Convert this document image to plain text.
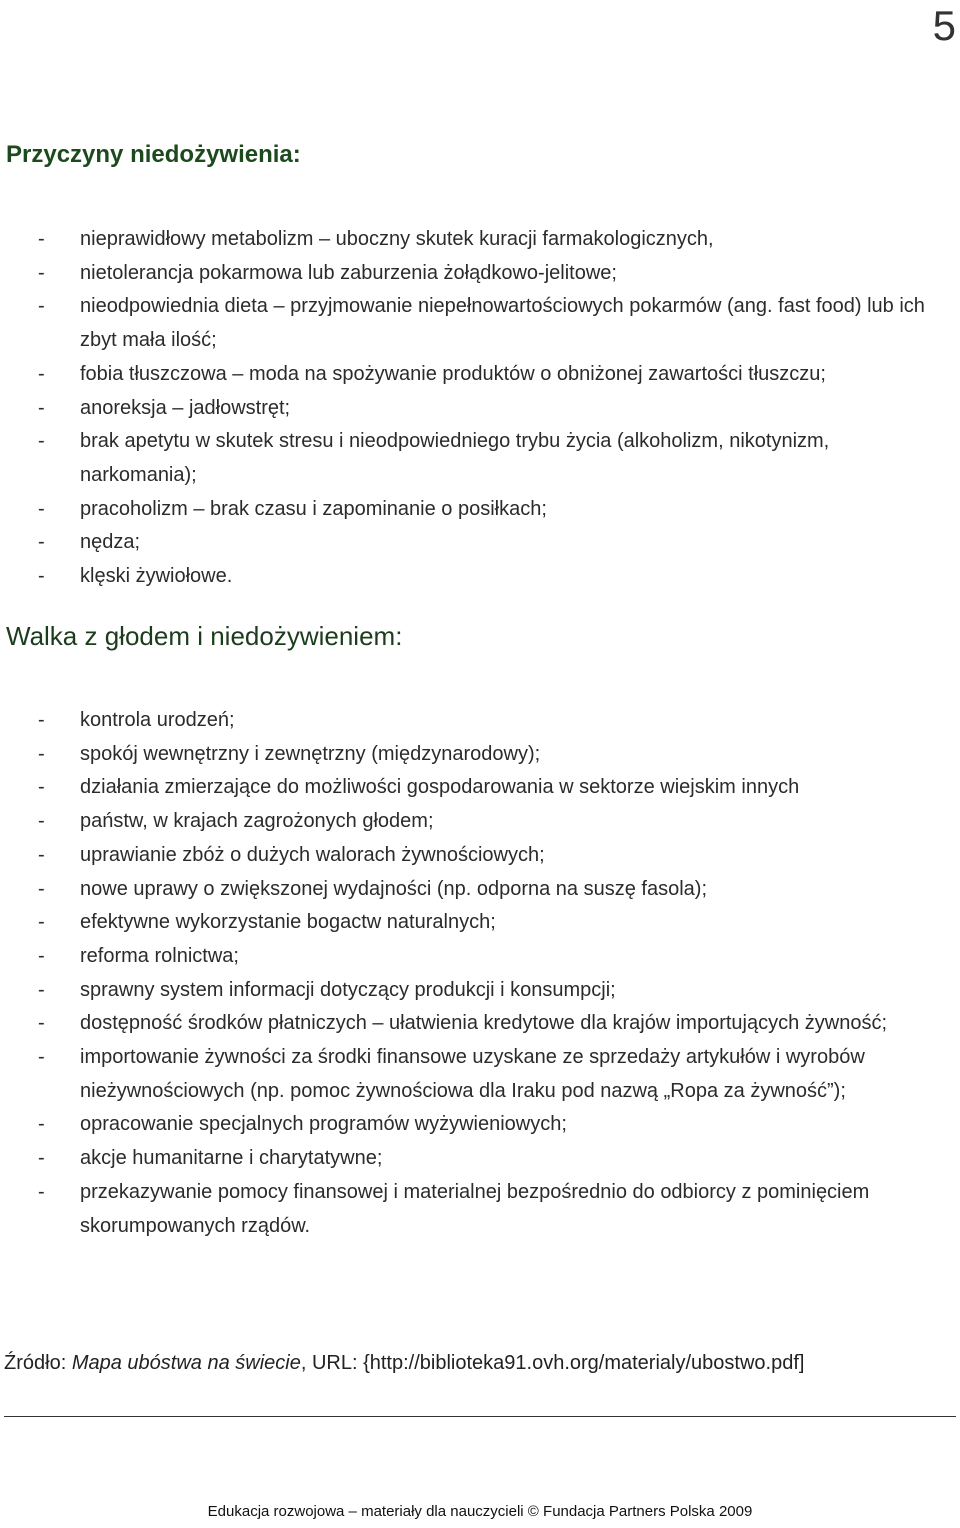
5
Przyczyny niedożywienia:
- nieprawidłowy metabolizm – uboczny skutek kuracji farmakologicznych,
- nietolerancja pokarmowa lub zaburzenia żołądkowo-jelitowe;
- nieodpowiednia dieta – przyjmowanie niepełnowartościowych pokarmów (ang. fast food) lub ich zbyt mała ilość;
- fobia tłuszczowa – moda na spożywanie produktów o obniżonej zawartości tłuszczu;
- anoreksja – jadłowstręt;
- brak apetytu w skutek stresu i nieodpowiedniego trybu życia (alkoholizm, nikotynizm, narkomania);
- pracoholizm – brak czasu i zapominanie o posiłkach;
- nędza;
- klęski żywiołowe.
Walka z głodem i niedożywieniem:
- kontrola urodzeń;
- spokój wewnętrzny i zewnętrzny (międzynarodowy);
- działania zmierzające do możliwości gospodarowania w sektorze wiejskim innych
- państw, w krajach zagrożonych głodem;
- uprawianie zbóż o dużych walorach żywnościowych;
- nowe uprawy o zwiększonej wydajności (np. odporna na suszę fasola);
- efektywne wykorzystanie bogactw naturalnych;
- reforma rolnictwa;
- sprawny system informacji dotyczący produkcji i konsumpcji;
- dostępność środków płatniczych – ułatwienia kredytowe dla krajów importujących żywność;
- importowanie żywności za środki finansowe uzyskane ze sprzedaży artykułów i wyrobów nieżywnościowych (np. pomoc żywnościowa dla Iraku pod nazwą „Ropa za żywność”);
- opracowanie specjalnych programów wyżywieniowych;
- akcje humanitarne i charytatywne;
- przekazywanie pomocy finansowej i materialnej bezpośrednio do odbiorcy z pominięciem skorumpowanych rządów.
Źródło: Mapa ubóstwa na świecie, URL: {http://biblioteka91.ovh.org/materialy/ubostwo.pdf]
Edukacja rozwojowa – materiały dla nauczycieli © Fundacja Partners Polska 2009
